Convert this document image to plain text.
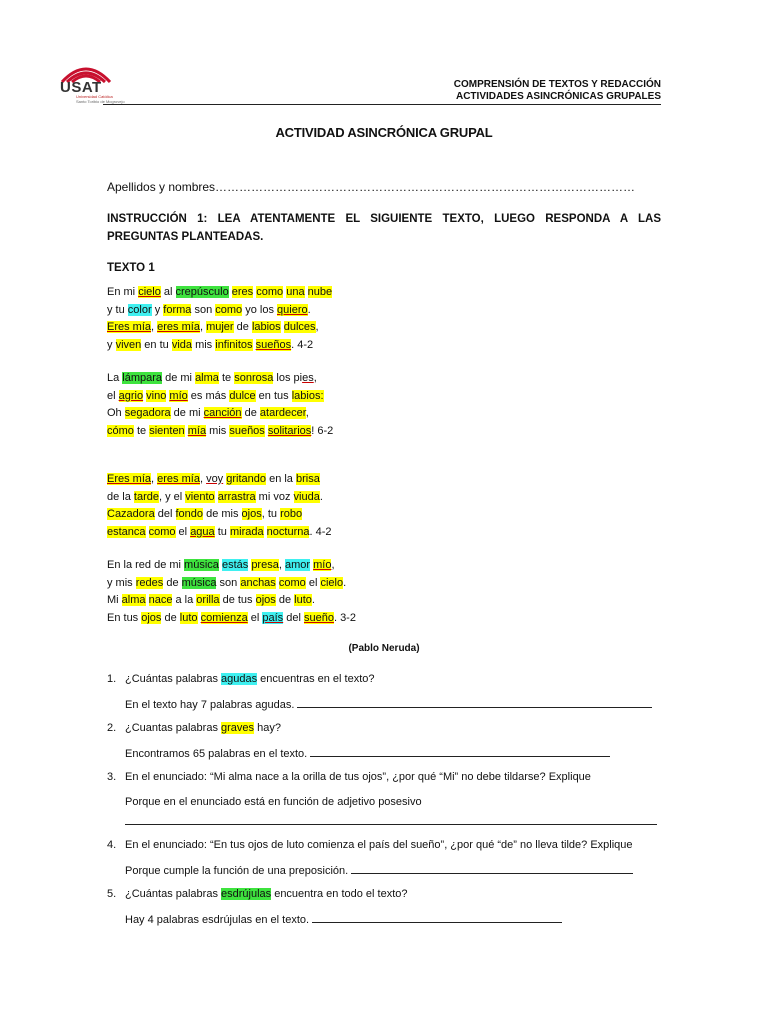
USAT
Universidad Católica
Santo Toribio de Mogrovejo
COMPRENSIÓN DE TEXTOS Y REDACCIÓN
ACTIVIDADES ASINCRÓNICAS GRUPALES
ACTIVIDAD ASINCRÓNICA GRUPAL
Apellidos y nombres……………………………………………………………………………………………
INSTRUCCIÓN 1: LEA ATENTAMENTE EL SIGUIENTE TEXTO, LUEGO RESPONDA A LAS PREGUNTAS PLANTEADAS.
TEXTO 1
En mi cielo al crepúsculo eres como una nube
y tu color y forma son como yo los quiero.
Eres mía, eres mía, mujer de labios dulces,
y viven en tu vida mis infinitos sueños. 4-2
La lámpara de mi alma te sonrosa los pies,
el agrio vino mío es más dulce en tus labios:
Oh segadora de mi canción de atardecer,
cómo te sienten mía mis sueños solitarios! 6-2
Eres mía, eres mía, voy gritando en la brisa
de la tarde, y el viento arrastra mi voz viuda.
Cazadora del fondo de mis ojos, tu robo
estanca como el agua tu mirada nocturna. 4-2
En la red de mi música estás presa, amor mío,
y mis redes de música son anchas como el cielo.
Mi alma nace a la orilla de tus ojos de luto.
En tus ojos de luto comienza el país del sueño. 3-2
(Pablo Neruda)
1. ¿Cuántas palabras agudas encuentras en el texto?
En el texto hay 7 palabras agudas.
2. ¿Cuantas palabras graves hay?
Encontramos 65 palabras en el texto.
3. En el enunciado: “Mi alma nace a la orilla de tus ojos”, ¿por qué “Mi” no debe tildarse? Explique
Porque en el enunciado está en función de adjetivo posesivo
4. En el enunciado: “En tus ojos de luto comienza el país del sueño”, ¿por qué “de” no lleva tilde? Explique
Porque cumple la función de una preposición.
5. ¿Cuántas palabras esdrújulas encuentra en todo el texto?
Hay 4 palabras esdrújulas en el texto.
